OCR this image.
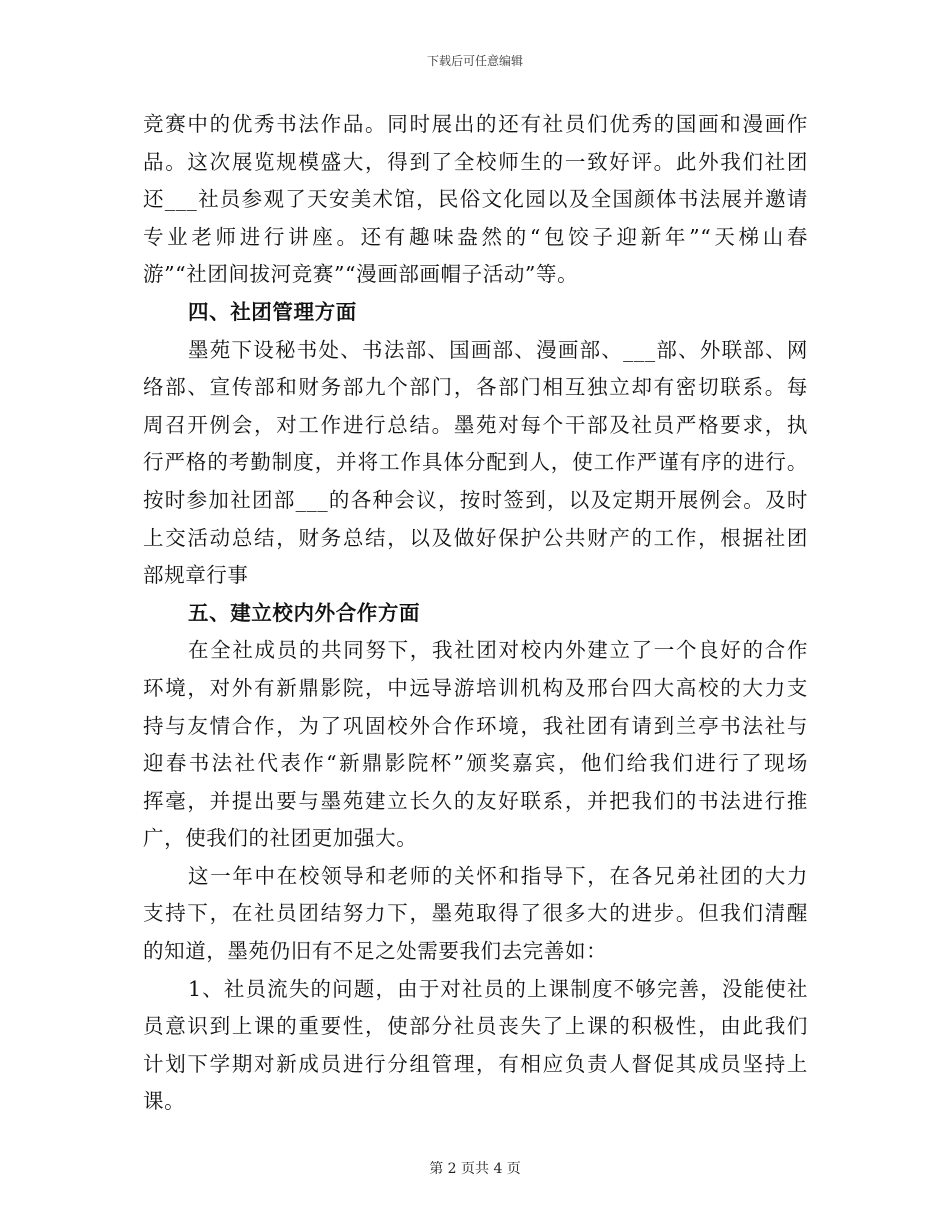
下载后可任意编辑
竞赛中的优秀书法作品。同时展出的还有社员们优秀的国画和漫画作
品。这次展览规模盛大，得到了全校师生的一致好评。此外我们社团
还___社员参观了天安美术馆，民俗文化园以及全国颜体书法展并邀请
专业老师进行讲座。还有趣味盎然的“包饺子迎新年”“天梯山春
游”“社团间拔河竞赛”“漫画部画帽子活动”等。
四、社团管理方面
墨苑下设秘书处、书法部、国画部、漫画部、___部、外联部、网
络部、宣传部和财务部九个部门，各部门相互独立却有密切联系。每
周召开例会，对工作进行总结。墨苑对每个干部及社员严格要求，执
行严格的考勤制度，并将工作具体分配到人，使工作严谨有序的进行。
按时参加社团部___的各种会议，按时签到，以及定期开展例会。及时
上交活动总结，财务总结，以及做好保护公共财产的工作，根据社团
部规章行事
五、建立校内外合作方面
在全社成员的共同努下，我社团对校内外建立了一个良好的合作
环境，对外有新鼎影院，中远导游培训机构及邢台四大高校的大力支
持与友情合作，为了巩固校外合作环境，我社团有请到兰亭书法社与
迎春书法社代表作“新鼎影院杯”颁奖嘉宾，他们给我们进行了现场
挥毫，并提出要与墨苑建立长久的友好联系，并把我们的书法进行推
广，使我们的社团更加强大。
这一年中在校领导和老师的关怀和指导下，在各兄弟社团的大力
支持下，在社员团结努力下，墨苑取得了很多大的进步。但我们清醒
的知道，墨苑仍旧有不足之处需要我们去完善如：
1、社员流失的问题，由于对社员的上课制度不够完善，没能使社
员意识到上课的重要性，使部分社员丧失了上课的积极性，由此我们
计划下学期对新成员进行分组管理，有相应负责人督促其成员坚持上
课。
第 2 页共 4 页
